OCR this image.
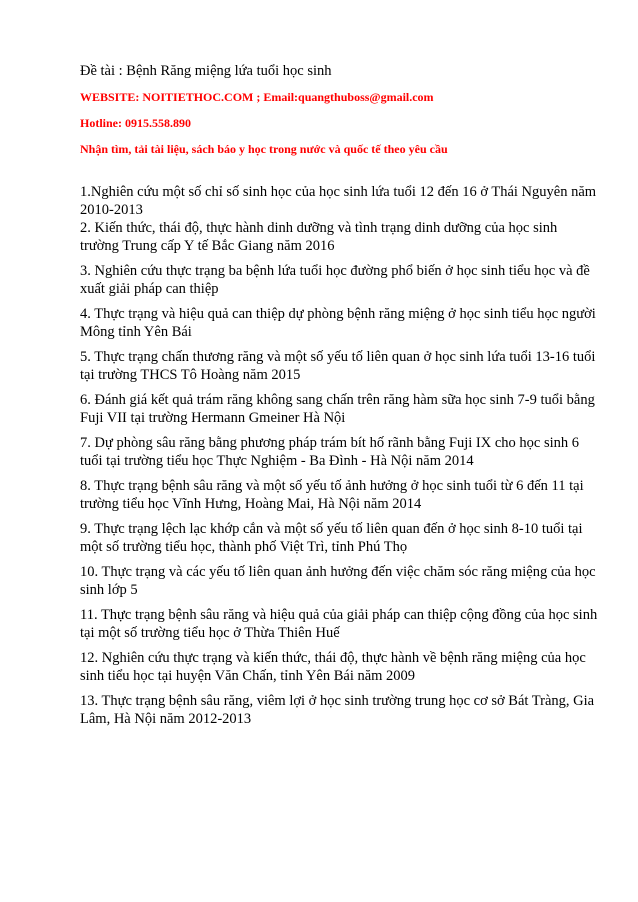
Đề tài : Bệnh Răng miệng lứa tuổi học sinh

WEBSITE: NOITIETHOC.COM ; Email:quangthuboss@gmail.com

Hotline: 0915.558.890

Nhận tìm, tải tài liệu, sách báo y học trong nước và quốc tế theo yêu cầu

1.Nghiên cứu một số chỉ số sinh học của học sinh lứa tuổi 12 đến 16 ở Thái Nguyên năm 2010-2013
2. Kiến thức, thái độ, thực hành dinh dưỡng và tình trạng dinh dưỡng của học sinh trường Trung cấp Y tế Bắc Giang năm 2016
3. Nghiên cứu thực trạng ba bệnh lứa tuổi học đường phổ biến ở học sinh tiểu học và đề xuất giải pháp can thiệp
4. Thực trạng và hiệu quả can thiệp dự phòng bệnh răng miệng ở học sinh tiểu học người Mông tỉnh Yên Bái
5. Thực trạng chấn thương răng và một số yếu tố liên quan ở học sinh lứa tuổi 13-16 tuổi tại trường THCS Tô Hoàng năm 2015
6. Đánh giá kết quả trám răng không sang chấn trên răng hàm sữa học sinh 7-9 tuổi bằng Fuji VII tại trường Hermann Gmeiner Hà Nội
7. Dự phòng sâu răng bằng phương pháp trám bít hố rãnh bằng Fuji IX cho học sinh 6 tuổi tại trường tiểu học Thực Nghiệm - Ba Đình - Hà Nội năm 2014
8. Thực trạng bệnh sâu răng và một số yếu tố ảnh hưởng ở học sinh tuổi từ 6 đến 11 tại trường tiểu học Vĩnh Hưng, Hoàng Mai, Hà Nội năm 2014
9. Thực trạng lệch lạc khớp cắn và một số yếu tố liên quan đến ở học sinh 8-10 tuổi tại một số trường tiểu học, thành phố Việt Trì, tỉnh Phú Thọ
10. Thực trạng và các yếu tố liên quan ảnh hưởng đến việc chăm sóc răng miệng của học sinh lớp 5
11. Thực trạng bệnh sâu răng và hiệu quả của giải pháp can thiệp cộng đồng của học sinh tại một số trường tiểu học ở Thừa Thiên Huế
12. Nghiên cứu thực trạng và kiến thức, thái độ, thực hành về bệnh răng miệng của học sinh tiểu học tại huyện Văn Chấn, tỉnh Yên Bái năm 2009
13. Thực trạng bệnh sâu răng, viêm lợi ở học sinh trường trung học cơ sở Bát Tràng, Gia Lâm, Hà Nội năm 2012-2013
